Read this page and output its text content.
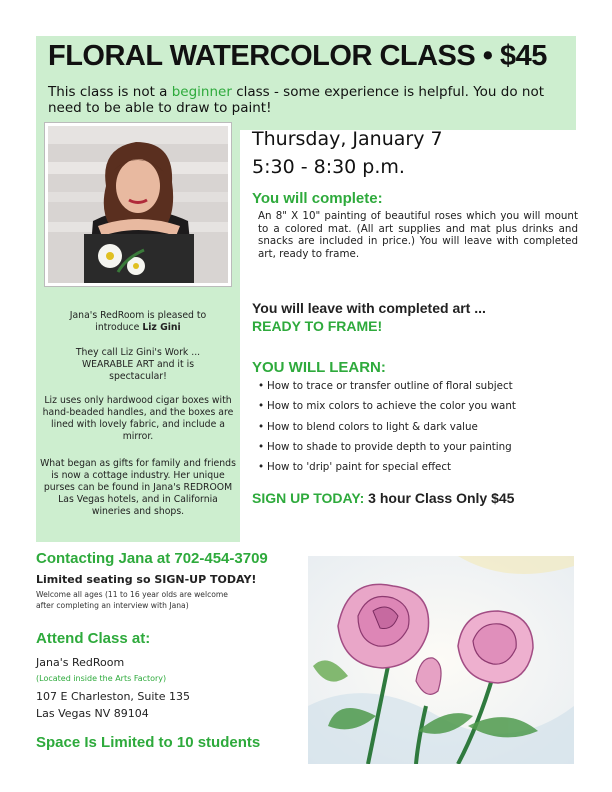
FLORAL WATERCOLOR CLASS • $45
This class is not a beginner class - some experience is helpful. You do not need to be able to draw to paint!

Jana's RedRoom is pleased to
introduce Liz Gini

They call Liz Gini's Work ... WEARABLE ART and it is spectacular!

Liz uses only hardwood cigar boxes with hand-beaded handles, and the boxes are lined with lovely fabric, and include a mirror.

What began as gifts for family and friends is now a cottage industry. Her unique purses can be found in Jana's REDROOM Las Vegas hotels, and in California wineries and shops.

Thursday, January 7
5:30 - 8:30 p.m.
You will complete:

An 8" X 10" painting of beautiful roses which you will mount to a colored mat. (All art supplies and mat plus drinks and snacks are included in price.) You will leave with completed art, ready to frame.

You will leave with completed art ...
READY TO FRAME!
YOU WILL LEARN:
• How to trace or transfer outline of floral subject
• How to mix colors to achieve the color you want
• How to blend colors to light & dark value
• How to shade to provide depth to your painting
• How to 'drip' paint for special effect
SIGN UP TODAY: 3 hour Class Only $45
Contacting Jana at 702-454-3709
Limited seating so SIGN-UP TODAY!
Welcome all ages (11 to 16 year olds are welcome
after completing an interview with Jana)
Attend Class at:
Jana's RedRoom
(Located inside the Arts Factory)
107 E Charleston, Suite 135
Las Vegas NV 89104
Space Is Limited to 10 students
